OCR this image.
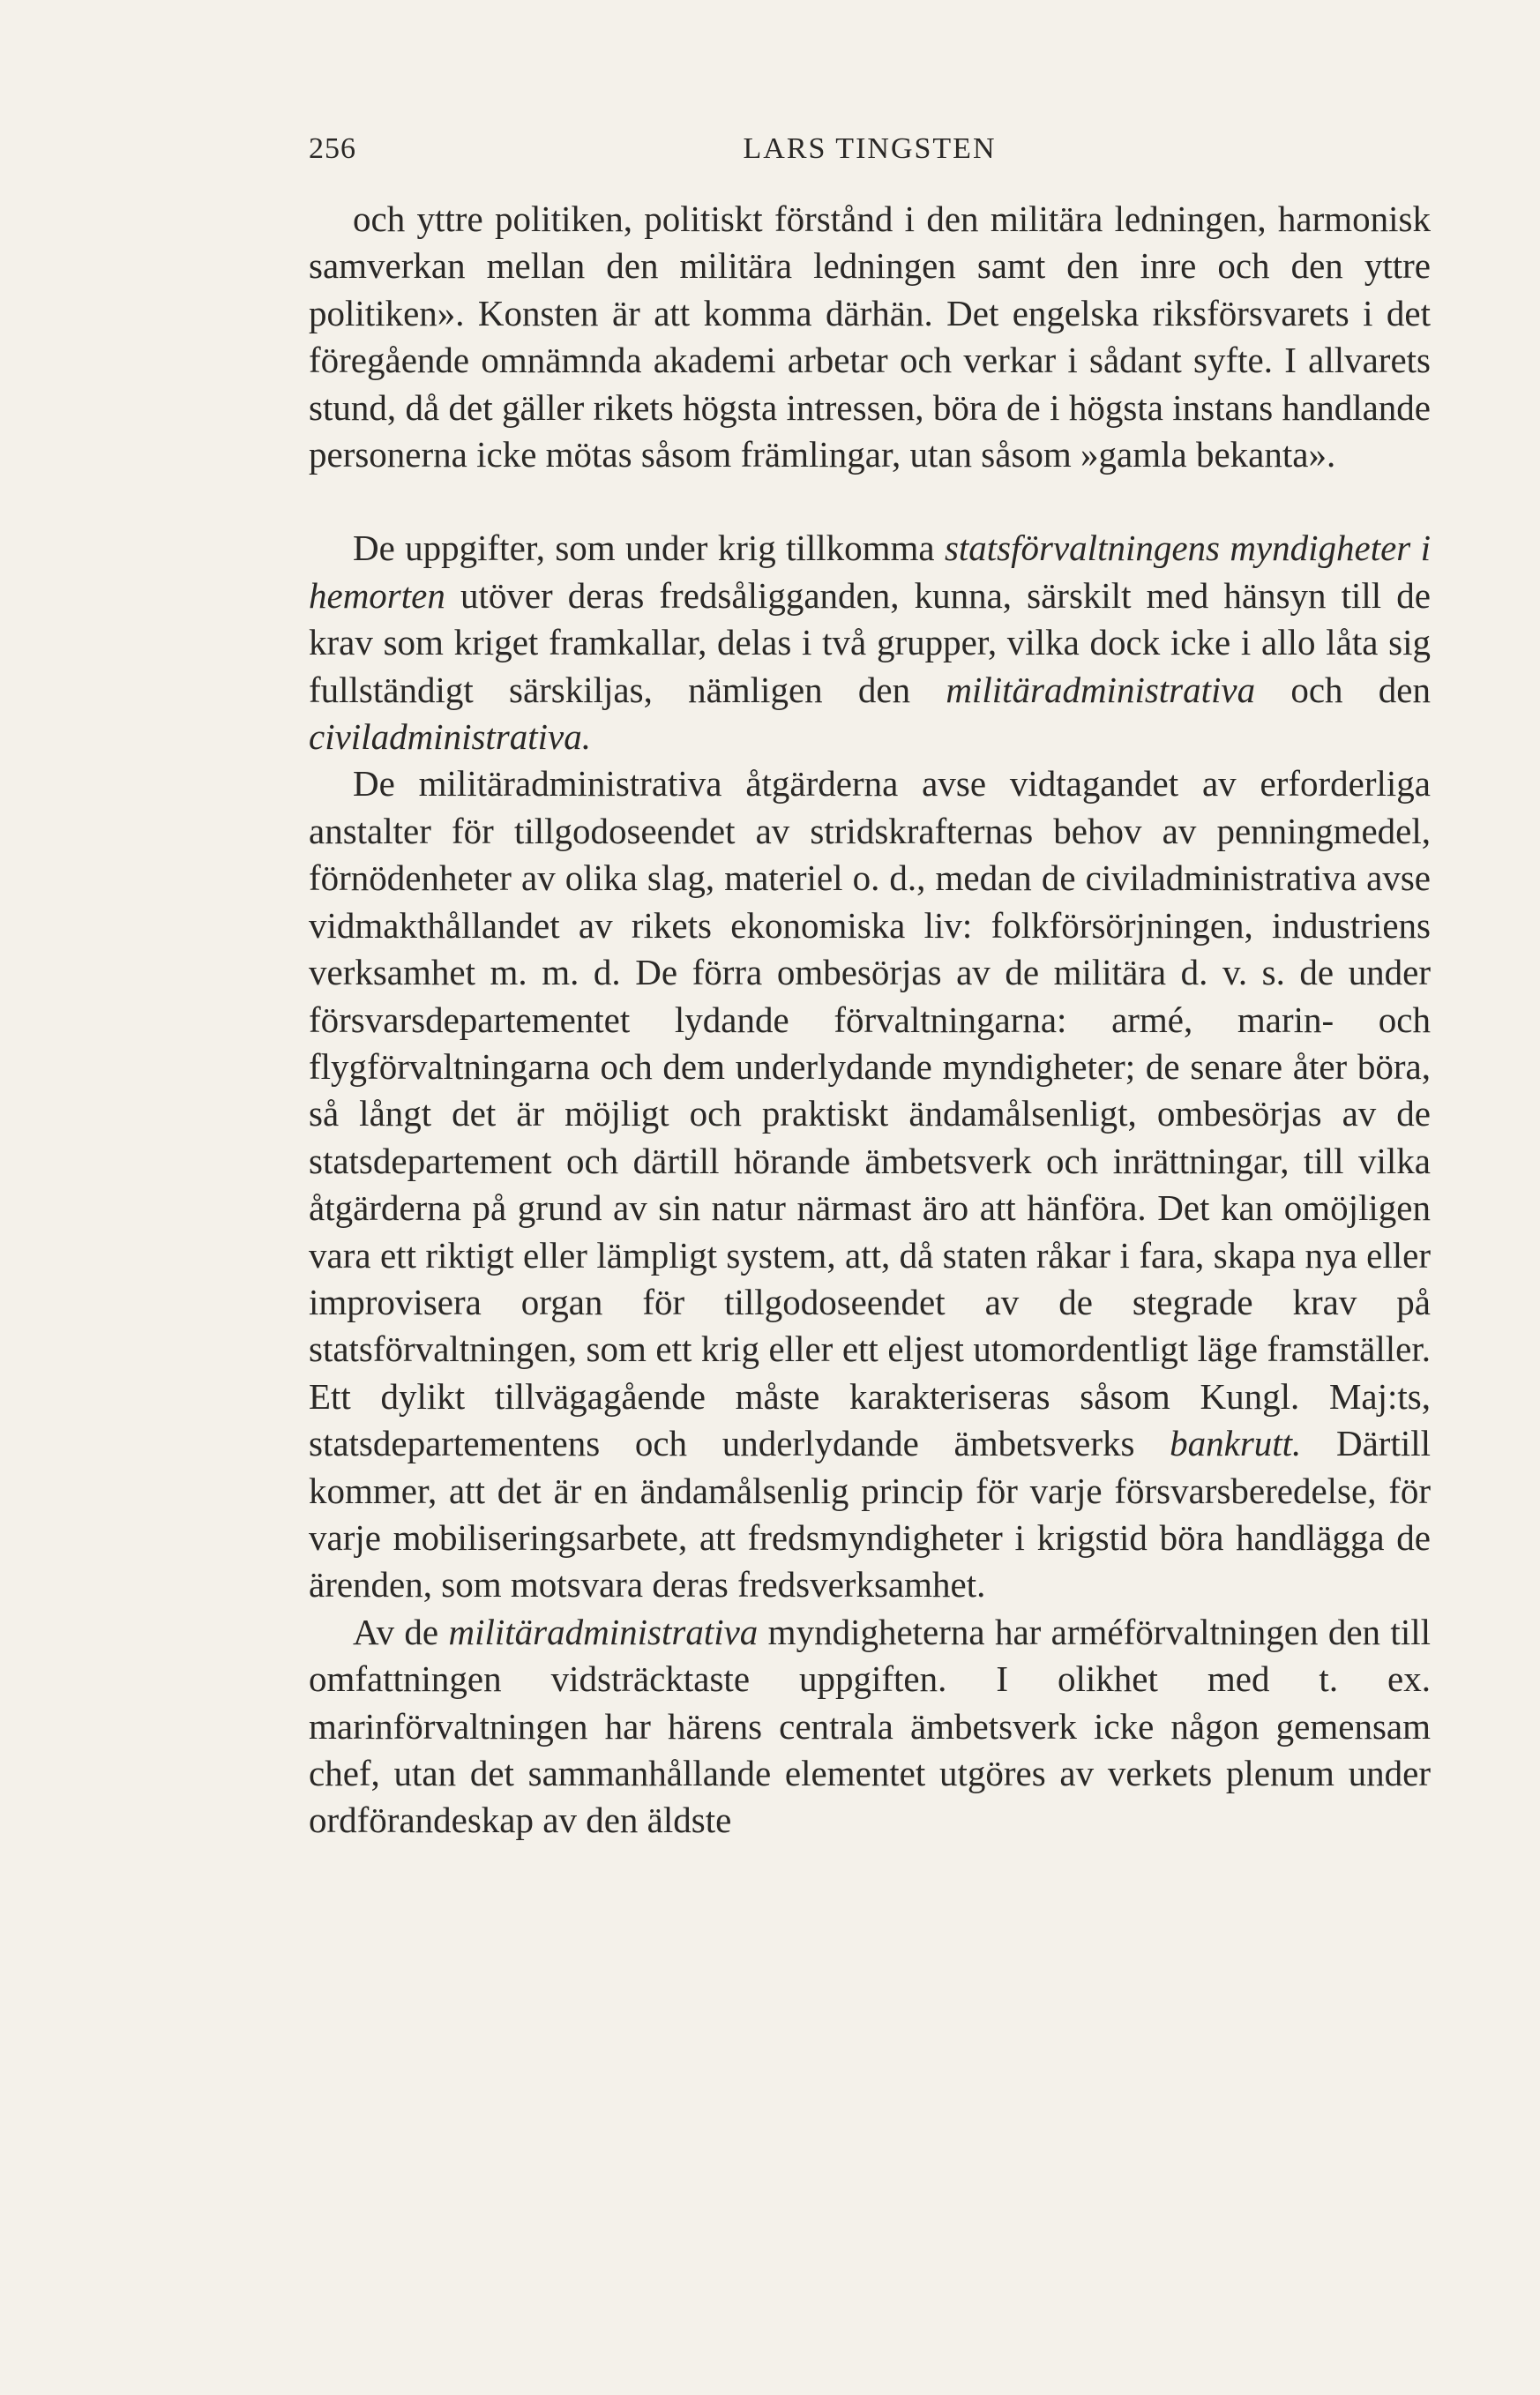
256	LARS TINGSTEN

och yttre politiken, politiskt förstånd i den militära ledningen, harmonisk samverkan mellan den militära ledningen samt den inre och den yttre politiken». Konsten är att komma därhän. Det engelska riksförsvarets i det föregående omnämnda akademi arbetar och verkar i sådant syfte. I allvarets stund, då det gäller rikets högsta intressen, böra de i högsta instans handlande personerna icke mötas såsom främlingar, utan såsom »gamla bekanta».

De uppgifter, som under krig tillkomma statsförvaltningens myndigheter i hemorten utöver deras fredsåligganden, kunna, särskilt med hänsyn till de krav som kriget framkallar, delas i två grupper, vilka dock icke i allo låta sig fullständigt särskiljas, nämligen den militäradministrativa och den civiladministrativa.

De militäradministrativa åtgärderna avse vidtagandet av erforderliga anstalter för tillgodoseendet av stridskrafternas behov av penningmedel, förnödenheter av olika slag, materiel o. d., medan de civiladministrativa avse vidmakthållandet av rikets ekonomiska liv: folkförsörjningen, industriens verksamhet m. m. d. De förra ombesörjas av de militära d. v. s. de under försvarsdepartementet lydande förvaltningarna: armé, marin- och flygförvaltningarna och dem underlydande myndigheter; de senare åter böra, så långt det är möjligt och praktiskt ändamålsenligt, ombesörjas av de statsdepartement och därtill hörande ämbetsverk och inrättningar, till vilka åtgärderna på grund av sin natur närmast äro att hänföra. Det kan omöjligen vara ett riktigt eller lämpligt system, att, då staten råkar i fara, skapa nya eller improvisera organ för tillgodoseendet av de stegrade krav på statsförvaltningen, som ett krig eller ett eljest utomordentligt läge framställer. Ett dylikt tillvägagående måste karakteriseras såsom Kungl. Maj:ts, statsdepartementens och underlydande ämbetsverks bankrutt. Därtill kommer, att det är en ändamålsenlig princip för varje försvarsberedelse, för varje mobiliseringsarbete, att fredsmyndigheter i krigstid böra handlägga de ärenden, som motsvara deras fredsverksamhet.

Av de militäradministrativa myndigheterna har arméförvaltningen den till omfattningen vidsträcktaste uppgiften. I olikhet med t. ex. marinförvaltningen har härens centrala ämbetsverk icke någon gemensam chef, utan det sammanhållande elementet utgöres av verkets plenum under ordförandeskap av den äldste
